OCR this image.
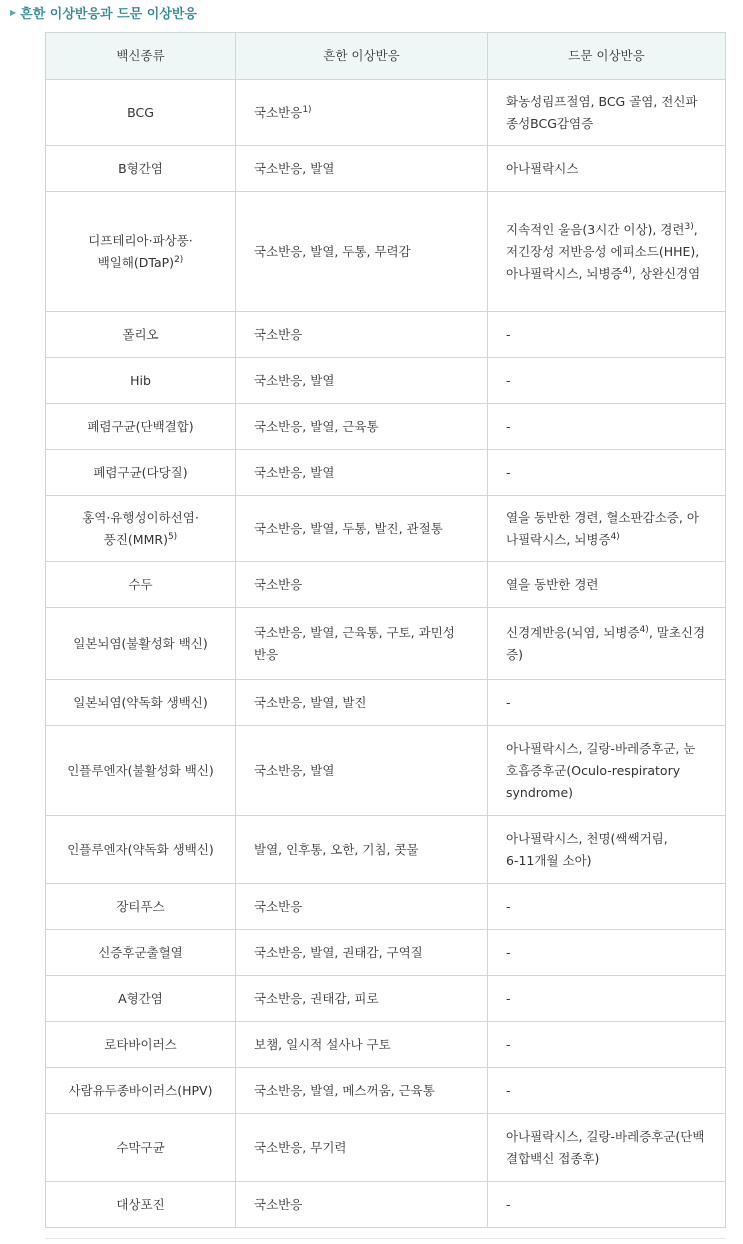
▶ 흔한 이상반응과 드문 이상반응
백신종류	흔한 이상반응	드문 이상반응
BCG	국소반응$^{1)}$	화농성림프절염, BCG 골염, 전신파종성BCG감염증
B형간염	국소반응, 발열	아나필락시스
디프테리아·파상풍·
백일해(DTaP)$^{2)}$	국소반응, 발열, 두통, 무력감	지속적인 울음(3시간 이상), 경련$^{3)}$, 저긴장성 저반응성 에피소드(HHE), 아나필락시스, 뇌병증$^{4)}$, 상완신경염
폴리오	국소반응	-
Hib	국소반응, 발열	-
폐렴구균(단백결합)	국소반응, 발열, 근육통	-
폐렴구균(다당질)	국소반응, 발열	-
홍역·유행성이하선염·
풍진(MMR)$^{5)}$	국소반응, 발열, 두통, 발진, 관절통	열을 동반한 경련, 혈소판감소증, 아나필락시스, 뇌병증$^{4)}$
수두	국소반응	열을 동반한 경련
일본뇌염(불활성화 백신)	국소반응, 발열, 근육통, 구토, 과민성 반응	신경계반응(뇌염, 뇌병증$^{4)}$, 말초신경증)
일본뇌염(약독화 생백신)	국소반응, 발열, 발진	-
인플루엔자(불활성화 백신)	국소반응, 발열	아나필락시스, 길랑-바레증후군, 눈호흡증후군(Oculo-respiratory syndrome)
인플루엔자(약독화 생백신)	발열, 인후통, 오한, 기침, 콧물	아나필락시스, 천명(쌕쌕거림,
6-11개월 소아)
장티푸스	국소반응	-
신증후군출혈열	국소반응, 발열, 권태감, 구역질	-
A형간염	국소반응, 권태감, 피로	-
로타바이러스	보챔, 일시적 설사나 구토	-
사람유두종바이러스(HPV)	국소반응, 발열, 메스꺼움, 근육통	-
수막구균	국소반응, 무기력	아나필락시스, 길랑-바레증후군(단백결합백신 접종후)
대상포진	국소반응	-
